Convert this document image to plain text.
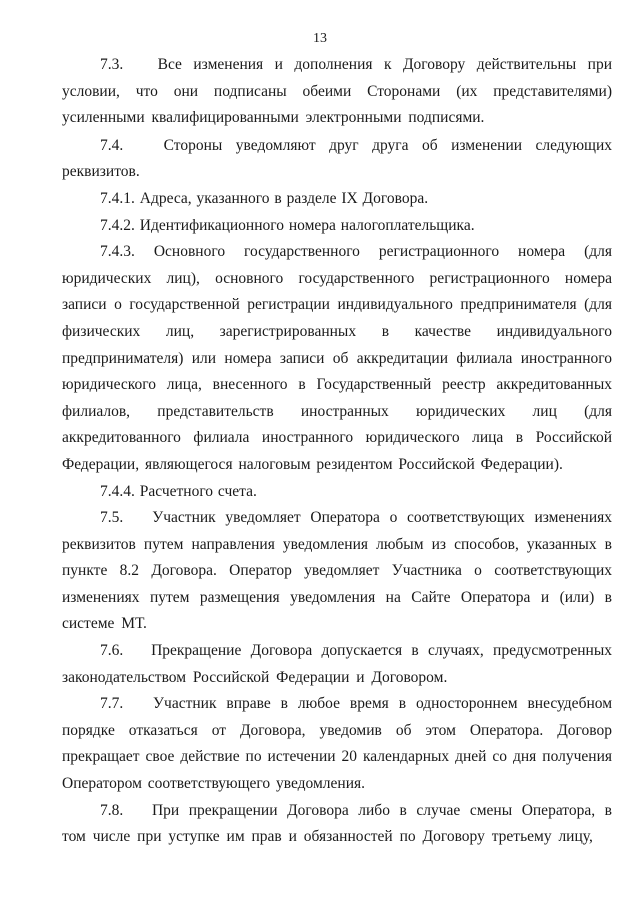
13

7.3. Все изменения и дополнения к Договору действительны при условии, что они подписаны обеими Сторонами (их представителями) усиленными квалифицированными электронными подписями.

7.4.	Стороны уведомляют друг друга об изменении следующих реквизитов.

7.4.1. Адреса, указанного в разделе IX Договора.

7.4.2. Идентификационного номера налогоплательщика.

7.4.3. Основного государственного регистрационного номера (для юридических лиц), основного государственного регистрационного номера записи о государственной регистрации индивидуального предпринимателя (для физических лиц, зарегистрированных в качестве индивидуального предпринимателя) или номера записи об аккредитации филиала иностранного юридического лица, внесенного в Государственный реестр аккредитованных филиалов, представительств иностранных юридических лиц (для аккредитованного филиала иностранного юридического лица в Российской Федерации, являющегося налоговым резидентом Российской Федерации).

7.4.4. Расчетного счета.

7.5. Участник уведомляет Оператора о соответствующих изменениях реквизитов путем направления уведомления любым из способов, указанных в пункте 8.2 Договора. Оператор уведомляет Участника о соответствующих изменениях путем размещения уведомления на Сайте Оператора и (или) в системе МТ.

7.6. Прекращение Договора допускается в случаях, предусмотренных законодательством Российской Федерации и Договором.

7.7. Участник вправе в любое время в одностороннем внесудебном порядке отказаться от Договора, уведомив об этом Оператора. Договор прекращает свое действие по истечении 20 календарных дней со дня получения Оператором соответствующего уведомления.

7.8. При прекращении Договора либо в случае смены Оператора, в том числе при уступке им прав и обязанностей по Договору третьему лицу,
